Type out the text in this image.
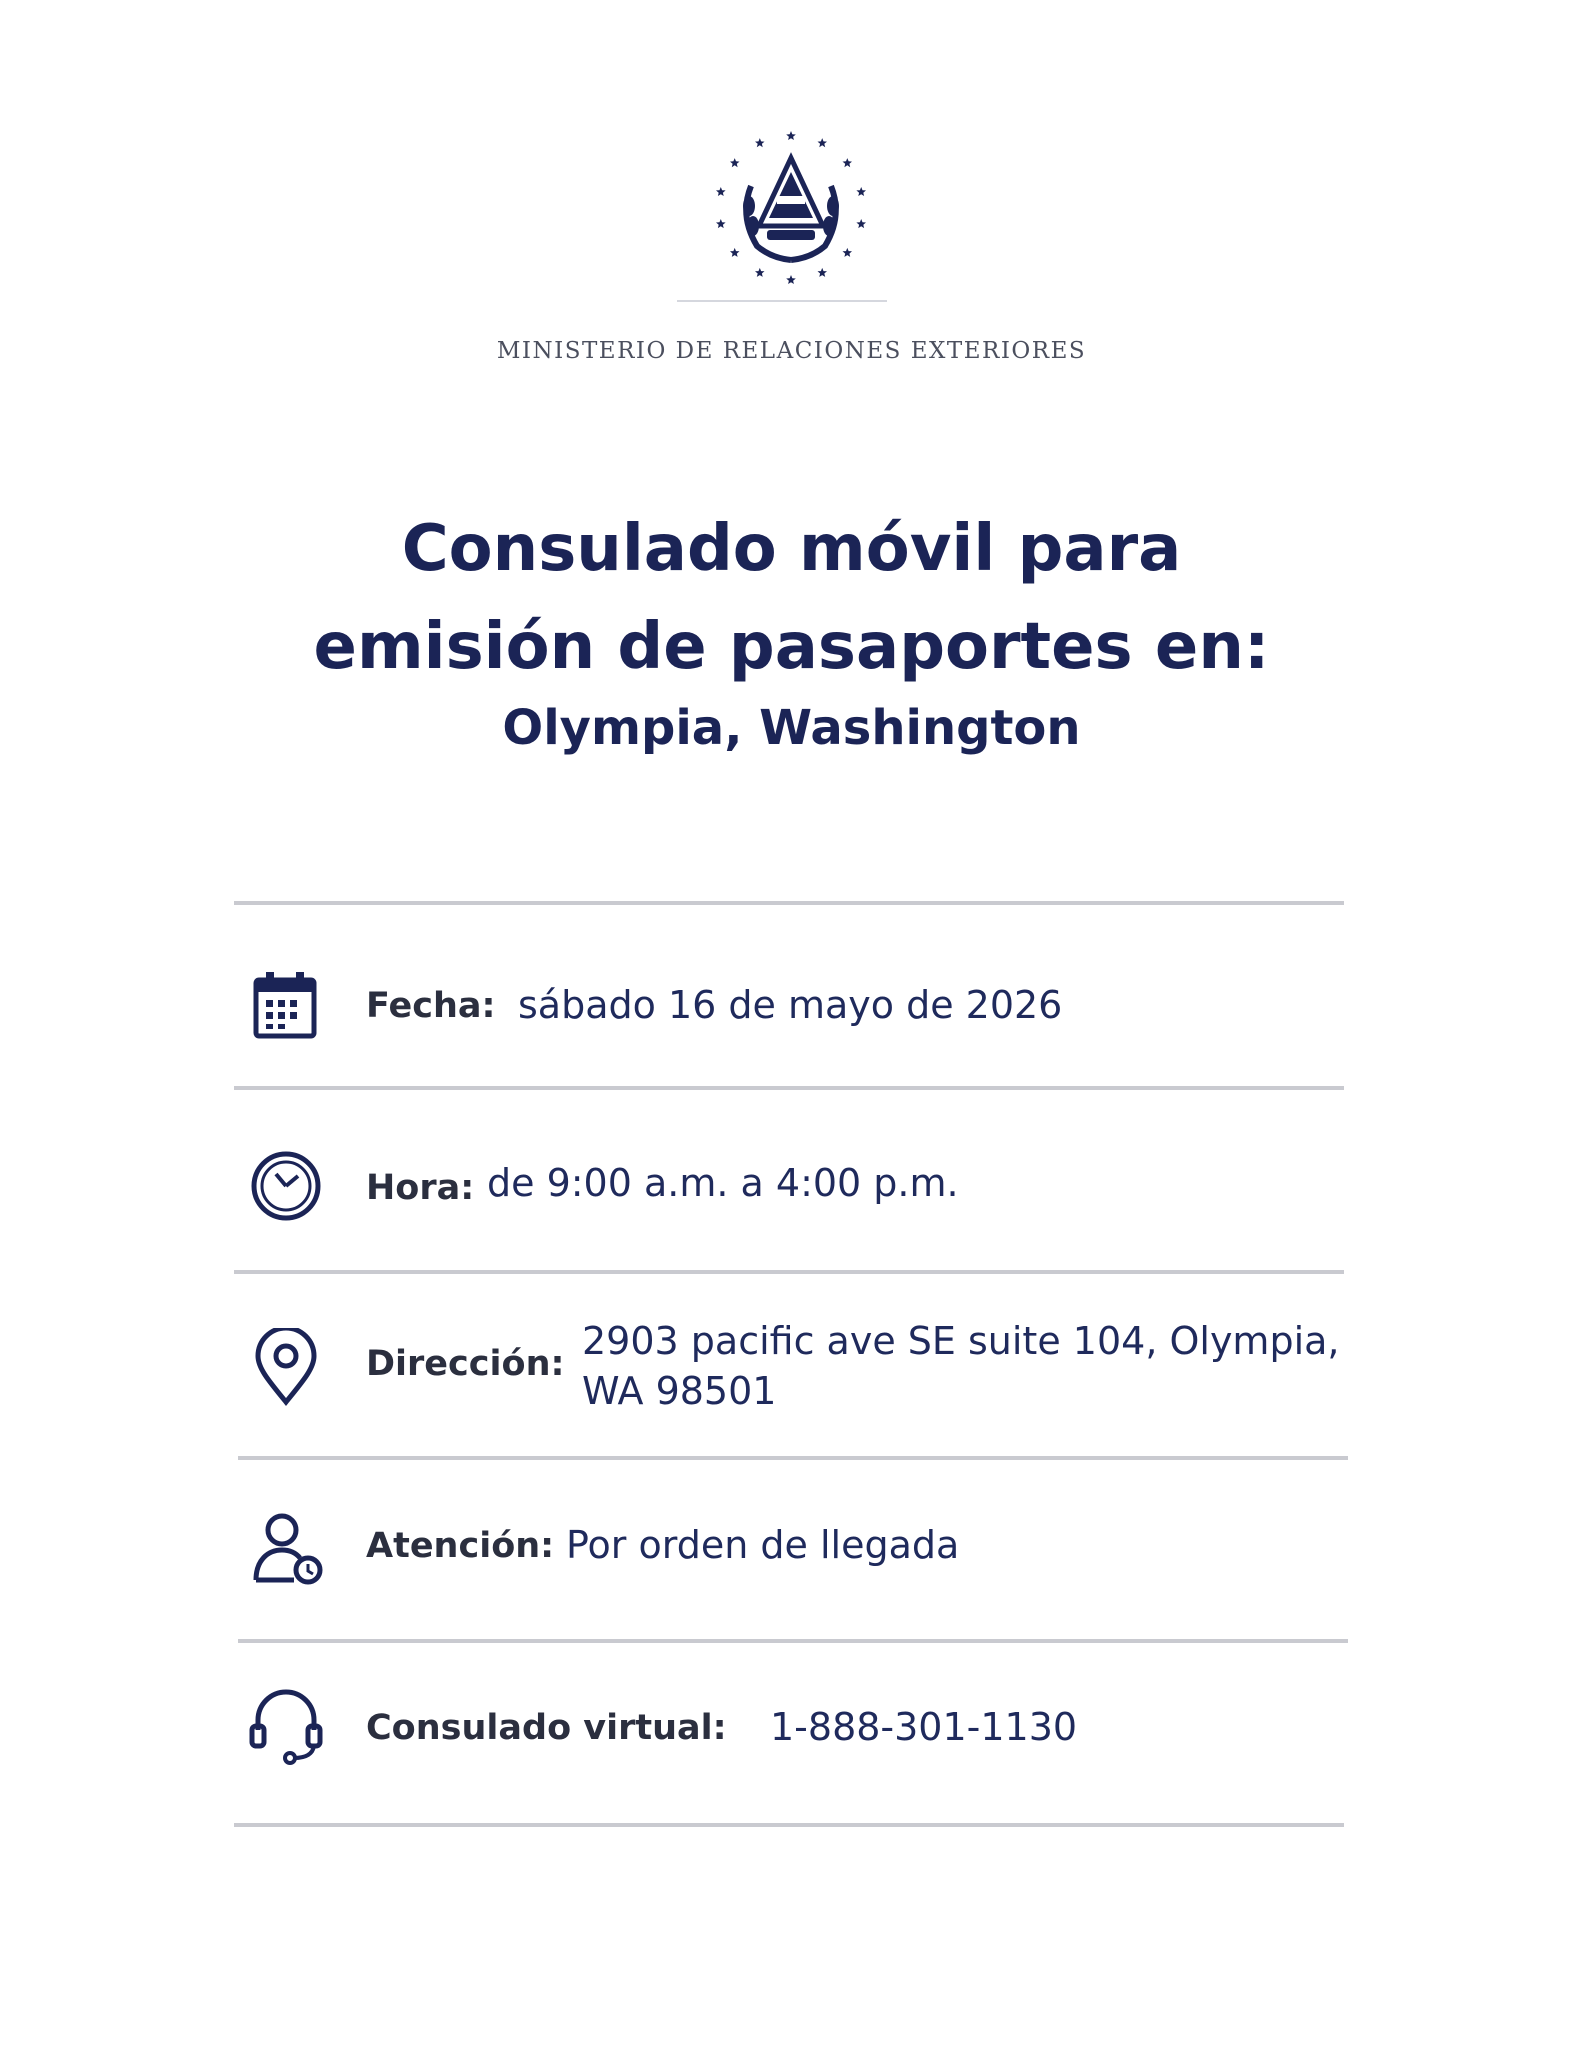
MINISTERIO DE RELACIONES EXTERIORES
Consulado móvil para
emisión de pasaportes en:
Olympia, Washington
Fecha: sábado 16 de mayo de 2026
Hora: de 9:00 a.m. a 4:00 p.m.
Dirección:
2903 pacific ave SE suite 104, Olympia,
WA 98501
Atención: Por orden de llegada
Consulado virtual: 1-888-301-1130
